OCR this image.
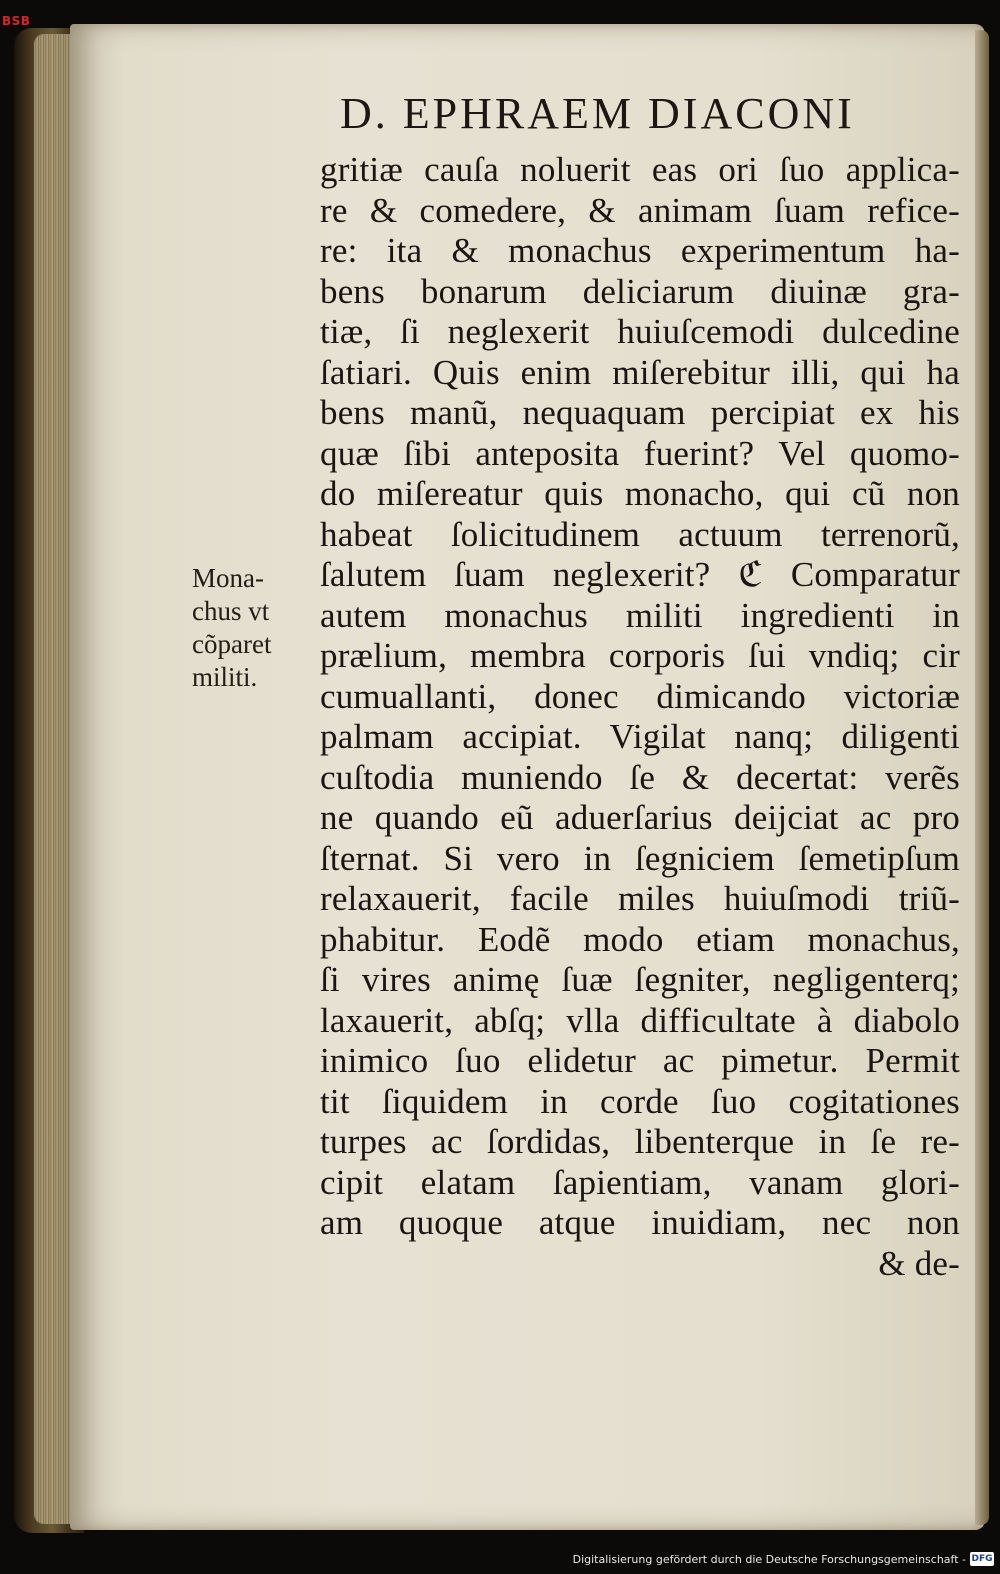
BSB
D. EPHRAEM DIACONI
Mona‑
chus vt
cõparetᷣ
militi.
gritiæ cauſa noluerit eas ori ſuo applica‑
re & comedere, & animam ſuam refice‑
re: ita & monachus experimentum ha‑
bens bonarum deliciarum diuinæ gra‑
tiæ, ſi neglexerit huiuſcemodi dulcedine
ſatiari. Quis enim miſerebitur illi, qui ha
bens manũ, nequaquam percipiat ex his
quæ ſibi anteposita fuerint? Vel quomo‑
do miſereatur quis monacho, qui cũ non
habeat ſolicitudinem actuum terrenorũ,
ſalutem ſuam neglexerit? ℭ Comparatur
autem monachus militi ingredienti in
prælium, membra corporis ſui vndiq; cir
cumuallanti, donec dimicando victoriæ
palmam accipiat. Vigilat nanq; diligenti
cuſtodia muniendo ſe & decertat: verẽs
ne quando eũ aduerſarius deijciat ac pro
ſternat. Si vero in ſegniciem ſemetipſum
relaxauerit, facile miles huiuſmodi triũ‑
phabitur. Eodẽ modo etiam monachus,
ſi vires animę ſuæ ſegniter, negligenterq;
laxauerit, abſq; vlla difficultate à diabolo
inimico ſuo elidetur ac pimetur. Permit
tit ſiquidem in corde ſuo cogitationes
turpes ac ſordidas, libenterque in ſe re‑
cipit elatam ſapientiam, vanam glori‑
am quoque atque inuidiam, nec non
& de‑
Digitalisierung gefördert durch die Deutsche Forschungsgemeinschaft - DFG
